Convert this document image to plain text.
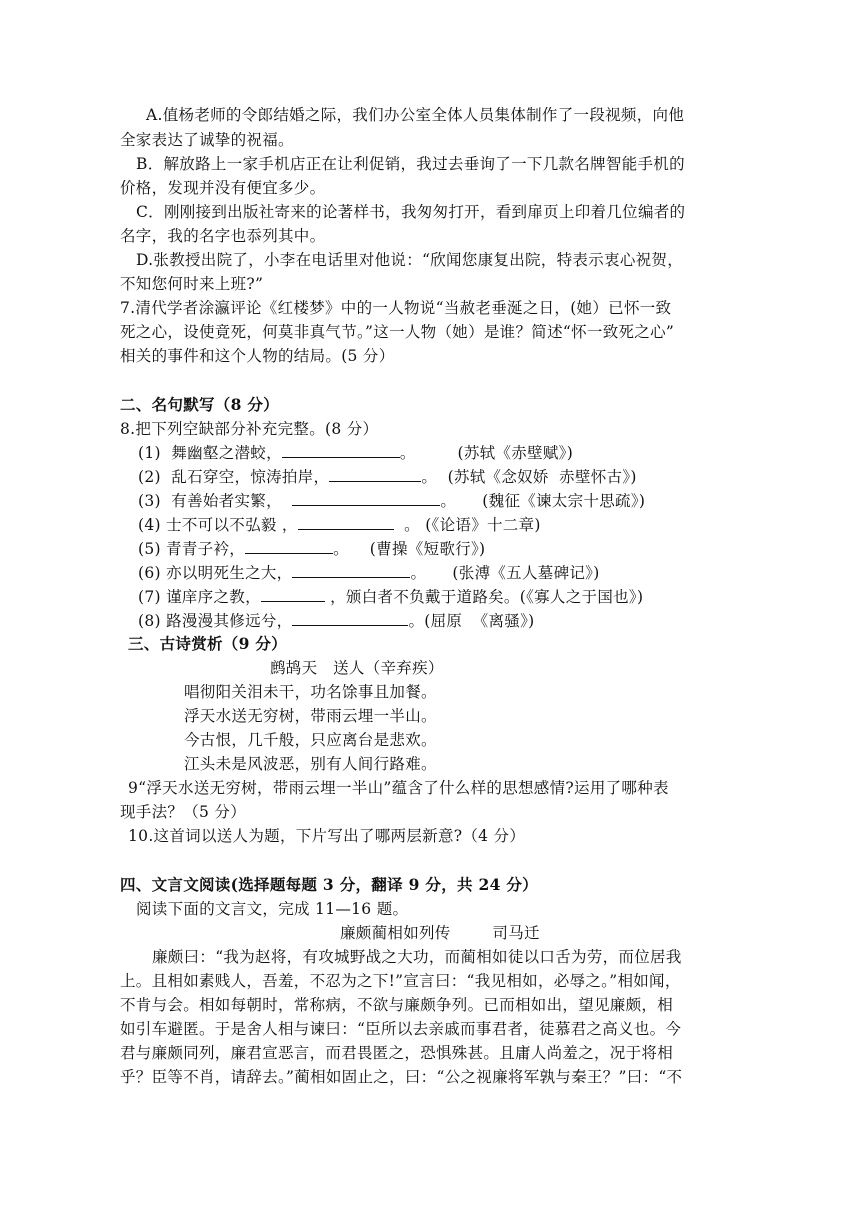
A.值杨老师的令郎结婚之际，我们办公室全体人员集体制作了一段视频，向他
全家表达了诚挚的祝福。
B．解放路上一家手机店正在让利促销，我过去垂询了一下几款名牌智能手机的
价格，发现并没有便宜多少。
C．刚刚接到出版社寄来的论著样书，我匆匆打开，看到扉页上印着几位编者的
名字，我的名字也忝列其中。
D.张教授出院了，小李在电话里对他说：“欣闻您康复出院，特表示衷心祝贺，
不知您何时来上班?”
7.清代学者涂瀛评论《红楼梦》中的一人物说“当赦老垂涎之日，(她）已怀一致
死之心，设使竟死，何莫非真气节。”这一人物（她）是谁？简述“怀一致死之心”
相关的事件和这个人物的结局。(5 分）
二、名句默写（8 分）
8.把下列空缺部分补充完整。(8 分）
(1)  舞幽壑之潜蛟，	。        (苏轼《赤壁赋》)
(2)  乱石穿空，惊涛拍岸，	。  (苏轼《念奴娇  赤壁怀古》)
(3)  有善始者实繁，	。     (魏征《谏太宗十思疏》)
(4) 士不可以不弘毅 ，	。 (《论语》十二章)
(5) 青青子衿，	。    (曹操《短歌行》)
(6) 亦以明死生之大，	。     (张溥《五人墓碑记》)
(7) 谨庠序之教，	，颁白者不负戴于道路矣。(《寡人之于国也》)
(8) 路漫漫其修远兮，	。(屈原  《离骚》)
三、古诗赏析（9 分）
鹧鸪天   送人（辛弃疾）
唱彻阳关泪未干，功名馀事且加餐。
浮天水送无穷树，带雨云埋一半山。
今古恨，几千般，只应离台是悲欢。
江头未是风波恶，别有人间行路难。
9“浮天水送无穷树，带雨云埋一半山”蕴含了什么样的思想感情?运用了哪种表
现手法？（5 分）
10.这首词以送人为题，下片写出了哪两层新意?（4 分）
四、文言文阅读(选择题每题 3 分，翻译 9 分，共 24 分）
阅读下面的文言文，完成 11—16 题。
廉颇蔺相如列传        司马迁
廉颇曰：“我为赵将，有攻城野战之大功，而蔺相如徒以口舌为劳，而位居我
上。且相如素贱人，吾羞，不忍为之下!”宣言曰：“我见相如，必辱之。”相如闻，
不肯与会。相如每朝时，常称病，不欲与廉颇争列。已而相如出，望见廉颇，相
如引车避匿。于是舍人相与谏曰：“臣所以去亲戚而事君者，徒慕君之高义也。今
君与廉颇同列，廉君宣恶言，而君畏匿之，恐惧殊甚。且庸人尚羞之，况于将相
乎？臣等不肖，请辞去。”蔺相如固止之，曰：“公之视廉将军孰与秦王？”曰：“不
